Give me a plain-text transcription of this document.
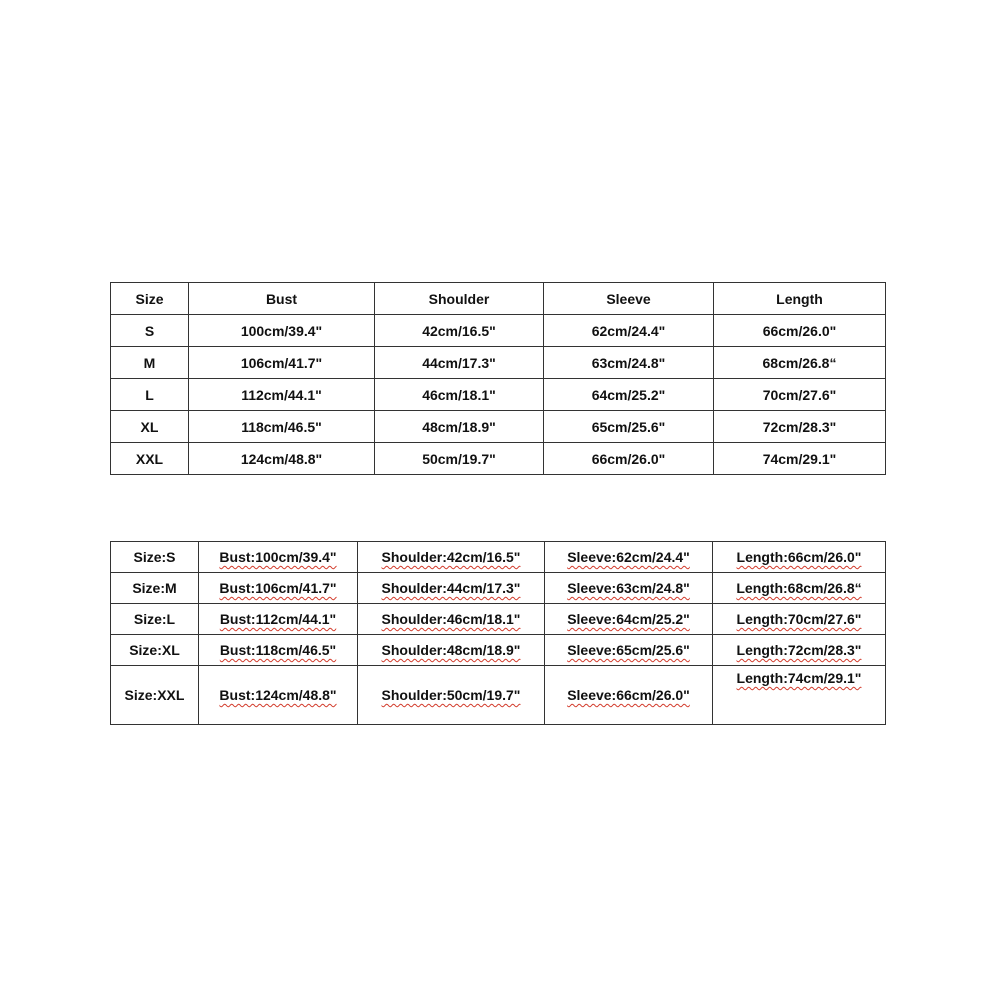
Size	Bust	Shoulder	Sleeve	Length
S	100cm/39.4"	42cm/16.5"	62cm/24.4"	66cm/26.0"
M	106cm/41.7"	44cm/17.3"	63cm/24.8"	68cm/26.8“
L	112cm/44.1"	46cm/18.1"	64cm/25.2"	70cm/27.6"
XL	118cm/46.5"	48cm/18.9"	65cm/25.6"	72cm/28.3"
XXL	124cm/48.8"	50cm/19.7"	66cm/26.0"	74cm/29.1"
Size:S	Bust:100cm/39.4"	Shoulder:42cm/16.5"	Sleeve:62cm/24.4"	Length:66cm/26.0"
Size:M	Bust:106cm/41.7"	Shoulder:44cm/17.3"	Sleeve:63cm/24.8"	Length:68cm/26.8“
Size:L	Bust:112cm/44.1"	Shoulder:46cm/18.1"	Sleeve:64cm/25.2"	Length:70cm/27.6"
Size:XL	Bust:118cm/46.5"	Shoulder:48cm/18.9"	Sleeve:65cm/25.6"	Length:72cm/28.3"
Size:XXL	Bust:124cm/48.8"	Shoulder:50cm/19.7"	Sleeve:66cm/26.0"	Length:74cm/29.1"
